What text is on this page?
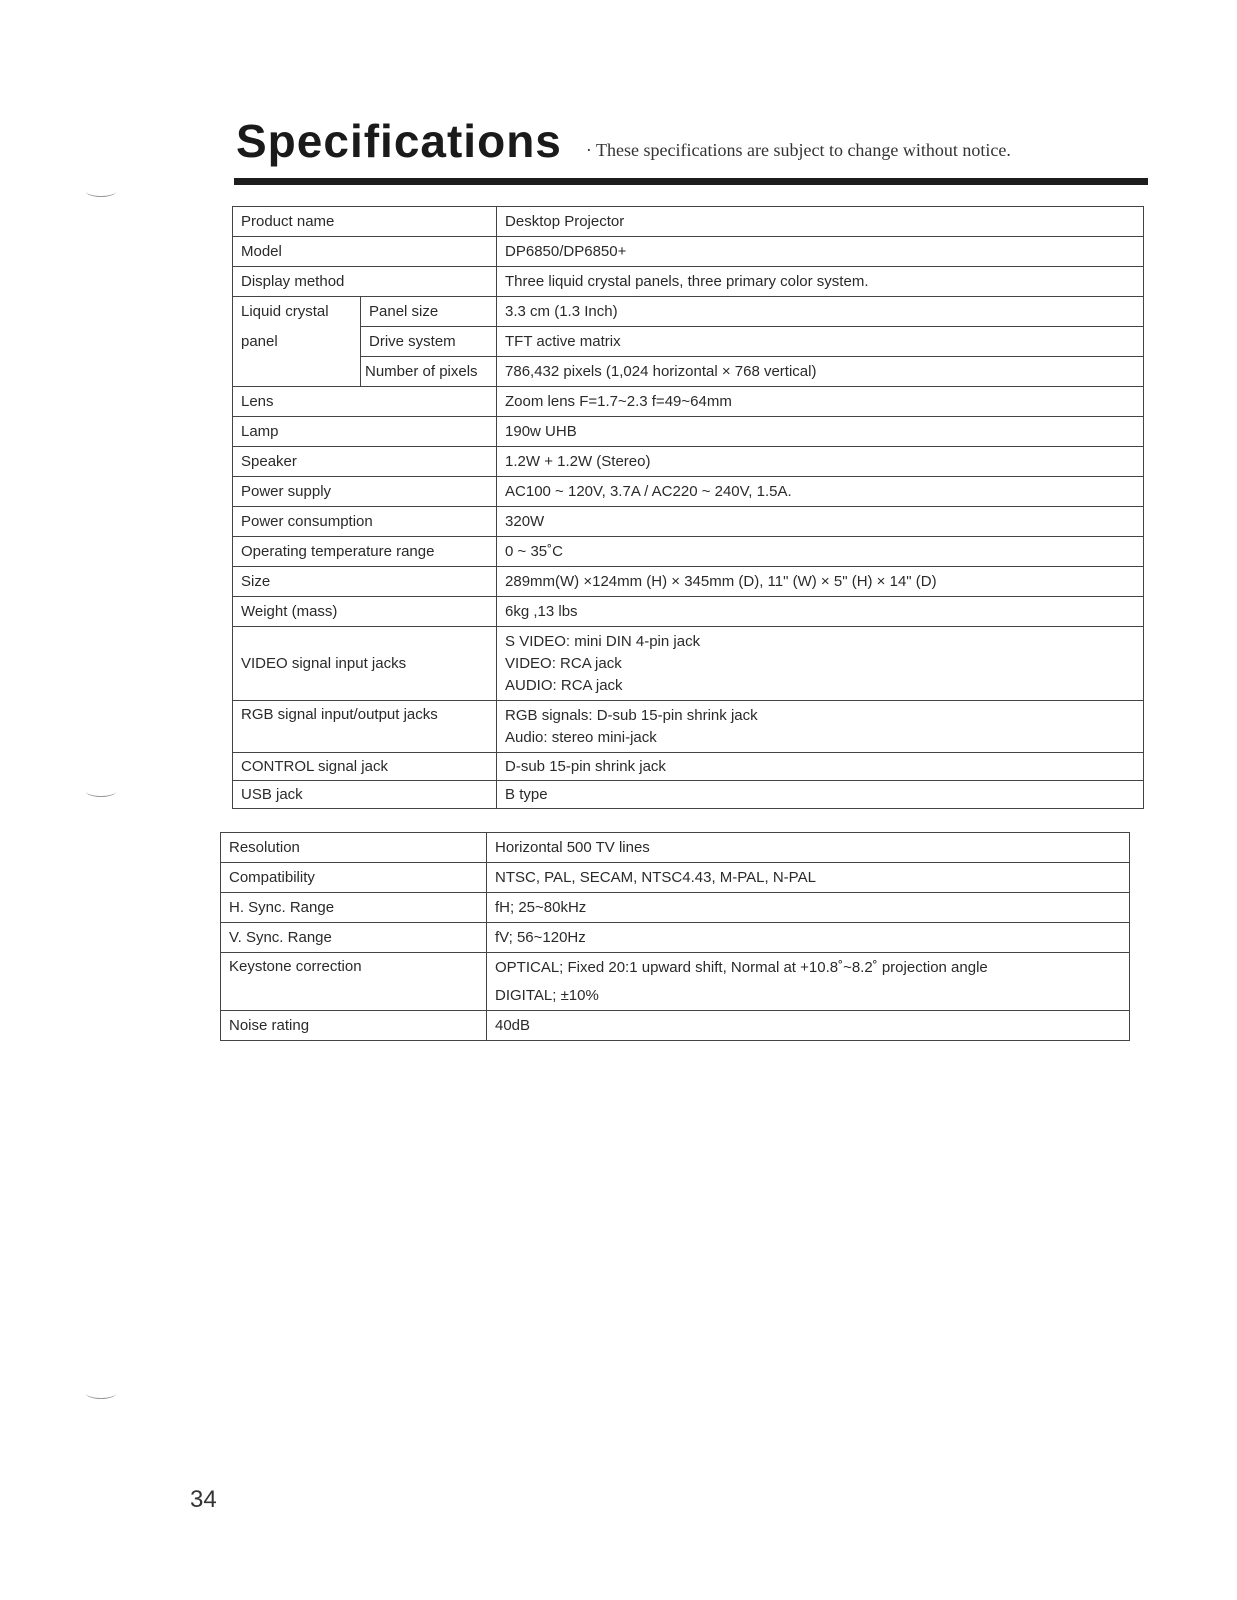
Specifications · These specifications are subject to change without notice.
Product name		Desktop Projector
Model		DP6850/DP6850+
Display method		Three liquid crystal panels, three primary color system.

Liquid crystal
panel	Panel size	3.3 cm (1.3 Inch)
	Drive system	TFT active matrix
	Number of pixels	786,432 pixels (1,024 horizontal × 768 vertical)
Lens		Zoom lens F=1.7~2.3 f=49~64mm
Lamp		190w UHB
Speaker		1.2W + 1.2W (Stereo)
Power supply		AC100 ~ 120V, 3.7A / AC220 ~ 240V, 1.5A.
Power consumption		320W
Operating temperature range		0 ~ 35˚C
Size		289mm(W) ×124mm (H) × 345mm (D), 11" (W) × 5" (H) × 14" (D)
Weight (mass)		6kg ,13 lbs
VIDEO signal input jacks		S VIDEO: mini DIN 4-pin jack
VIDEO: RCA jack
AUDIO: RCA jack

RGB signal input/output jacks		RGB signals: D-sub 15-pin shrink jack
Audio: stereo mini-jack

CONTROL signal jack		D-sub 15-pin shrink jack
USB jack		B type
Resolution	Horizontal 500 TV lines
Compatibility	NTSC, PAL, SECAM, NTSC4.43, M-PAL, N-PAL
H. Sync. Range	fH; 25~80kHz
V. Sync. Range	fV; 56~120Hz
Keystone correction	OPTICAL; Fixed 20:1 upward shift, Normal at +10.8˚~8.2˚ projection angle
DIGITAL; ±10%

Noise rating	40dB
34
